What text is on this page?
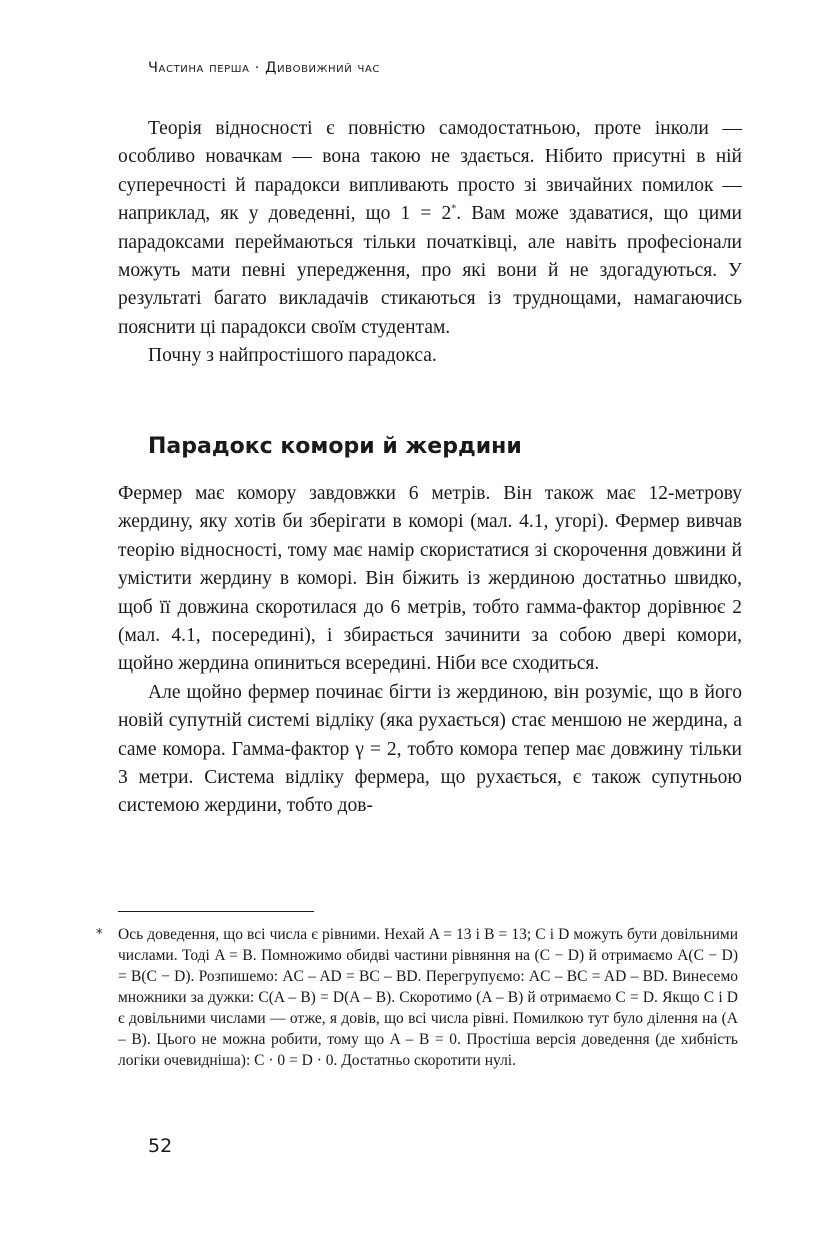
Частина перша · Дивовижний час

Теорія відносності є повністю самодостатньою, проте інколи — особливо новачкам — вона такою не здається. Нібито присутні в ній суперечності й парадокси випливають просто зі звичайних помилок — наприклад, як у доведенні, що 1 = 2*. Вам може здаватися, що цими парадоксами переймаються тільки початківці, але навіть професіонали можуть мати певні упередження, про які вони й не здогадуються. У результаті багато викладачів стикаються із труднощами, намагаючись пояснити ці парадокси своїм студентам.

Почну з найпростішого парадокса.

Парадокс комори й жердини

Фермер має комору завдовжки 6 метрів. Він також має 12-метрову жердину, яку хотів би зберігати в коморі (мал. 4.1, угорі). Фермер вивчав теорію відносності, тому має намір скористатися зі скорочення довжини й умістити жердину в коморі. Він біжить із жердиною достатньо швидко, щоб її довжина скоротилася до 6 метрів, тобто гамма-фактор дорівнює 2 (мал. 4.1, посередині), і збирається зачинити за собою двері комори, щойно жердина опиниться всередині. Ніби все сходиться.

Але щойно фермер починає бігти із жердиною, він розуміє, що в його новій супутній системі відліку (яка рухається) стає меншою не жердина, а саме комора. Гамма-фактор γ = 2, тобто комора тепер має довжину тільки 3 метри. Система відліку фермера, що рухається, є також супутньою системою жердини, тобто дов-

* Ось доведення, що всі числа є рівними. Нехай A = 13 і B = 13; C і D можуть бути довільними числами. Тоді A = B. Помножимо обидві частини рівняння на (C − D) й отримаємо A(C − D) = B(C − D). Розпишемо: AC – AD = BC – BD. Перегрупуємо: AC – BC = AD – BD. Винесемо множники за дужки: C(A – B) = D(A – B). Скоротимо (A – B) й отримаємо C = D. Якщо C і D є довільними числами — отже, я довів, що всі числа рівні. Помилкою тут було ділення на (A – B). Цього не можна робити, тому що A – B = 0. Простіша версія доведення (де хибність логіки очевидніша): C · 0 = D · 0. Достатньо скоротити нулі.
52
